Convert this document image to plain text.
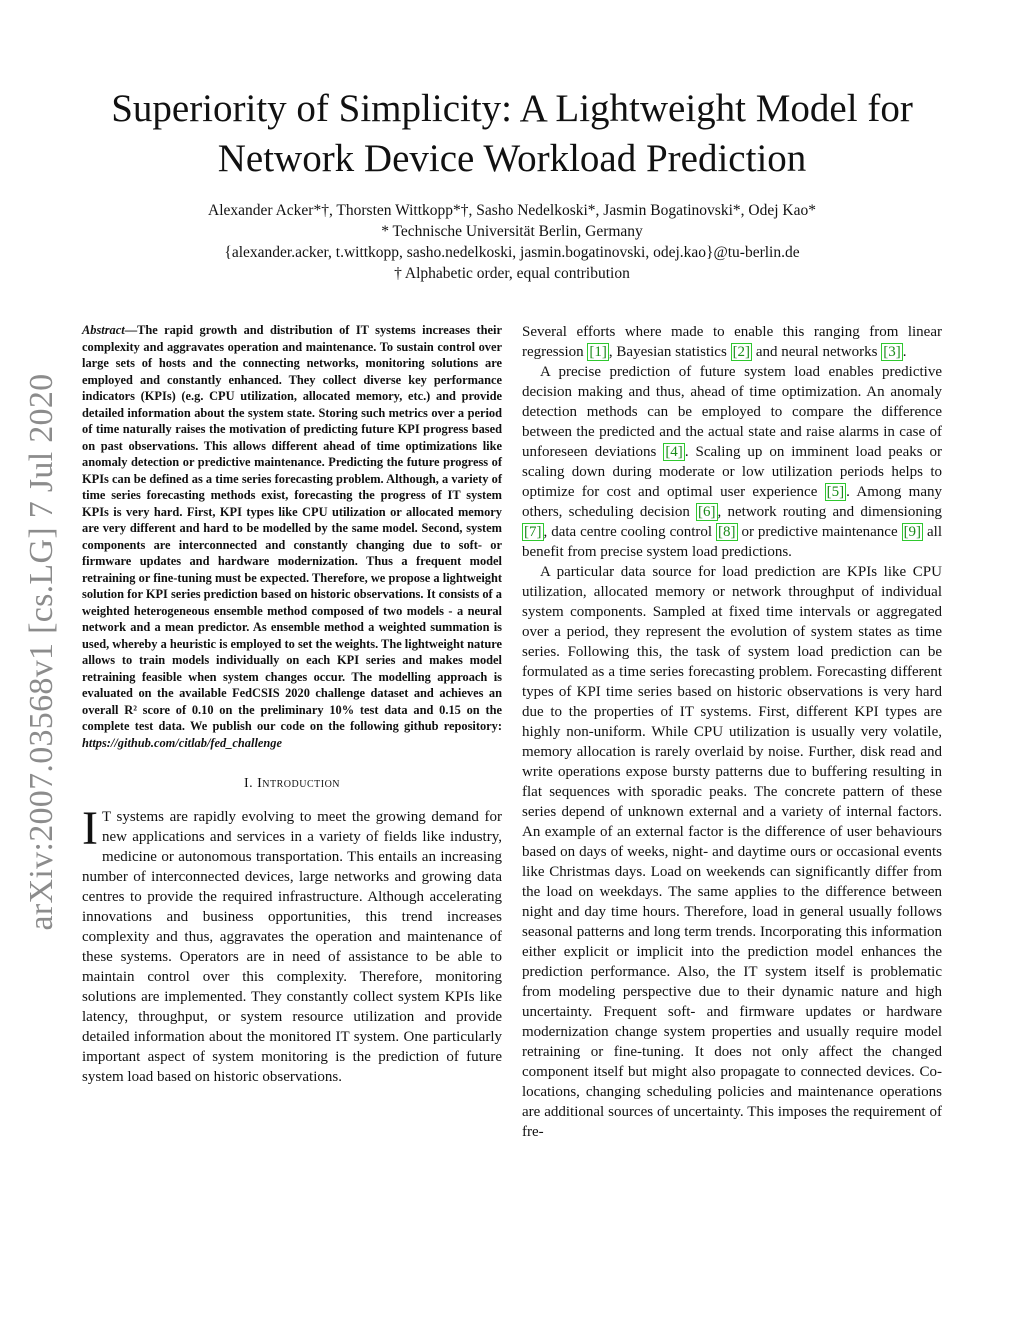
arXiv:2007.03568v1 [cs.LG] 7 Jul 2020
Superiority of Simplicity: A Lightweight Model for
Network Device Workload Prediction
Alexander Acker*†, Thorsten Wittkopp*†, Sasho Nedelkoski*, Jasmin Bogatinovski*, Odej Kao*
* Technische Universität Berlin, Germany
{alexander.acker, t.wittkopp, sasho.nedelkoski, jasmin.bogatinovski, odej.kao}@tu-berlin.de
† Alphabetic order, equal contribution

Abstract—The rapid growth and distribution of IT systems increases their complexity and aggravates operation and maintenance. To sustain control over large sets of hosts and the connecting networks, monitoring solutions are employed and constantly enhanced. They collect diverse key performance indicators (KPIs) (e.g. CPU utilization, allocated memory, etc.) and provide detailed information about the system state. Storing such metrics over a period of time naturally raises the motivation of predicting future KPI progress based on past observations. This allows different ahead of time optimizations like anomaly detection or predictive maintenance. Predicting the future progress of KPIs can be defined as a time series forecasting problem. Although, a variety of time series forecasting methods exist, forecasting the progress of IT system KPIs is very hard. First, KPI types like CPU utilization or allocated memory are very different and hard to be modelled by the same model. Second, system components are interconnected and constantly changing due to soft- or firmware updates and hardware modernization. Thus a frequent model retraining or fine-tuning must be expected. Therefore, we propose a lightweight solution for KPI series prediction based on historic observations. It consists of a weighted heterogeneous ensemble method composed of two models - a neural network and a mean predictor. As ensemble method a weighted summation is used, whereby a heuristic is employed to set the weights. The lightweight nature allows to train models individually on each KPI series and makes model retraining feasible when system changes occur. The modelling approach is evaluated on the available FedCSIS 2020 challenge dataset and achieves an overall R² score of 0.10 on the preliminary 10% test data and 0.15 on the complete test data. We publish our code on the following github repository: https://github.com/citlab/fed_challenge

I. Introduction

I T systems are rapidly evolving to meet the growing demand for new applications and services in a variety of fields like industry, medicine or autonomous transportation. This entails an increasing number of interconnected devices, large networks and growing data centres to provide the required infrastructure. Although accelerating innovations and business opportunities, this trend increases complexity and thus, aggravates the operation and maintenance of these systems. Operators are in need of assistance to be able to maintain control over this complexity. Therefore, monitoring solutions are implemented. They constantly collect system KPIs like latency, throughput, or system resource utilization and provide detailed information about the monitored IT system. One particularly important aspect of system monitoring is the prediction of future system load based on historic observations.

Several efforts where made to enable this ranging from linear regression [1] , Bayesian statistics [2] and neural networks [3] .

A precise prediction of future system load enables predictive decision making and thus, ahead of time optimization. An anomaly detection methods can be employed to compare the difference between the predicted and the actual state and raise alarms in case of unforeseen deviations [4] . Scaling up on imminent load peaks or scaling down during moderate or low utilization periods helps to optimize for cost and optimal user experience [5] . Among many others, scheduling decision [6] , network routing and dimensioning [7] , data centre cooling control [8] or predictive maintenance [9] all benefit from precise system load predictions.

A particular data source for load prediction are KPIs like CPU utilization, allocated memory or network throughput of individual system components. Sampled at fixed time intervals or aggregated over a period, they represent the evolution of system states as time series. Following this, the task of system load prediction can be formulated as a time series forecasting problem. Forecasting different types of KPI time series based on historic observations is very hard due to the properties of IT systems. First, different KPI types are highly non-uniform. While CPU utilization is usually very volatile, memory allocation is rarely overlaid by noise. Further, disk read and write operations expose bursty patterns due to buffering resulting in flat sequences with sporadic peaks. The concrete pattern of these series depend of unknown external and a variety of internal factors. An example of an external factor is the difference of user behaviours based on days of weeks, night- and daytime ours or occasional events like Christmas days. Load on weekends can significantly differ from the load on weekdays. The same applies to the difference between night and day time hours. Therefore, load in general usually follows seasonal patterns and long term trends. Incorporating this information either explicit or implicit into the prediction model enhances the prediction performance. Also, the IT system itself is problematic from modeling perspective due to their dynamic nature and high uncertainty. Frequent soft- and firmware updates or hardware modernization change system properties and usually require model retraining or fine-tuning. It does not only affect the changed component itself but might also propagate to connected devices. Co-locations, changing scheduling policies and maintenance operations are additional sources of uncertainty. This imposes the requirement of fre-
